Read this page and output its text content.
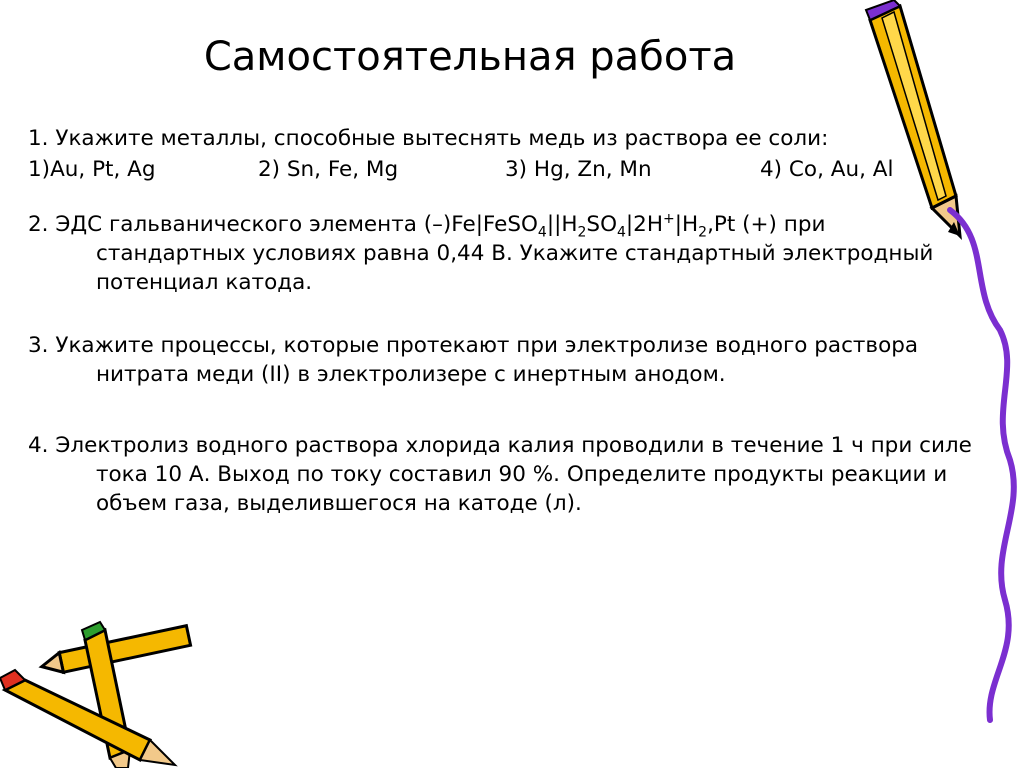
Самостоятельная работа

1. Укажите металлы, способные вытеснять медь из раствора ее соли:

1)Au, Pt, Ag	2) Sn, Fe, Mg	3) Hg, Zn, Mn	4) Co, Au, Al

2. ЭДС гальванического элемента $(-)Fe|FeSO_4||H_2SO_4|2H^+|H_2,Pt$ (+) при стандартных условиях равна 0,44 В. Укажите стандартный электродный потенциал катода.

3. Укажите процессы, которые протекают при электролизе водного раствора нитрата меди (II) в электролизере с инертным анодом.

4. Электролиз водного раствора хлорида калия проводили в течение 1 ч при силе тока 10 А. Выход по току составил 90 %. Определите продукты реакции и объем газа, выделившегося на катоде (л).
